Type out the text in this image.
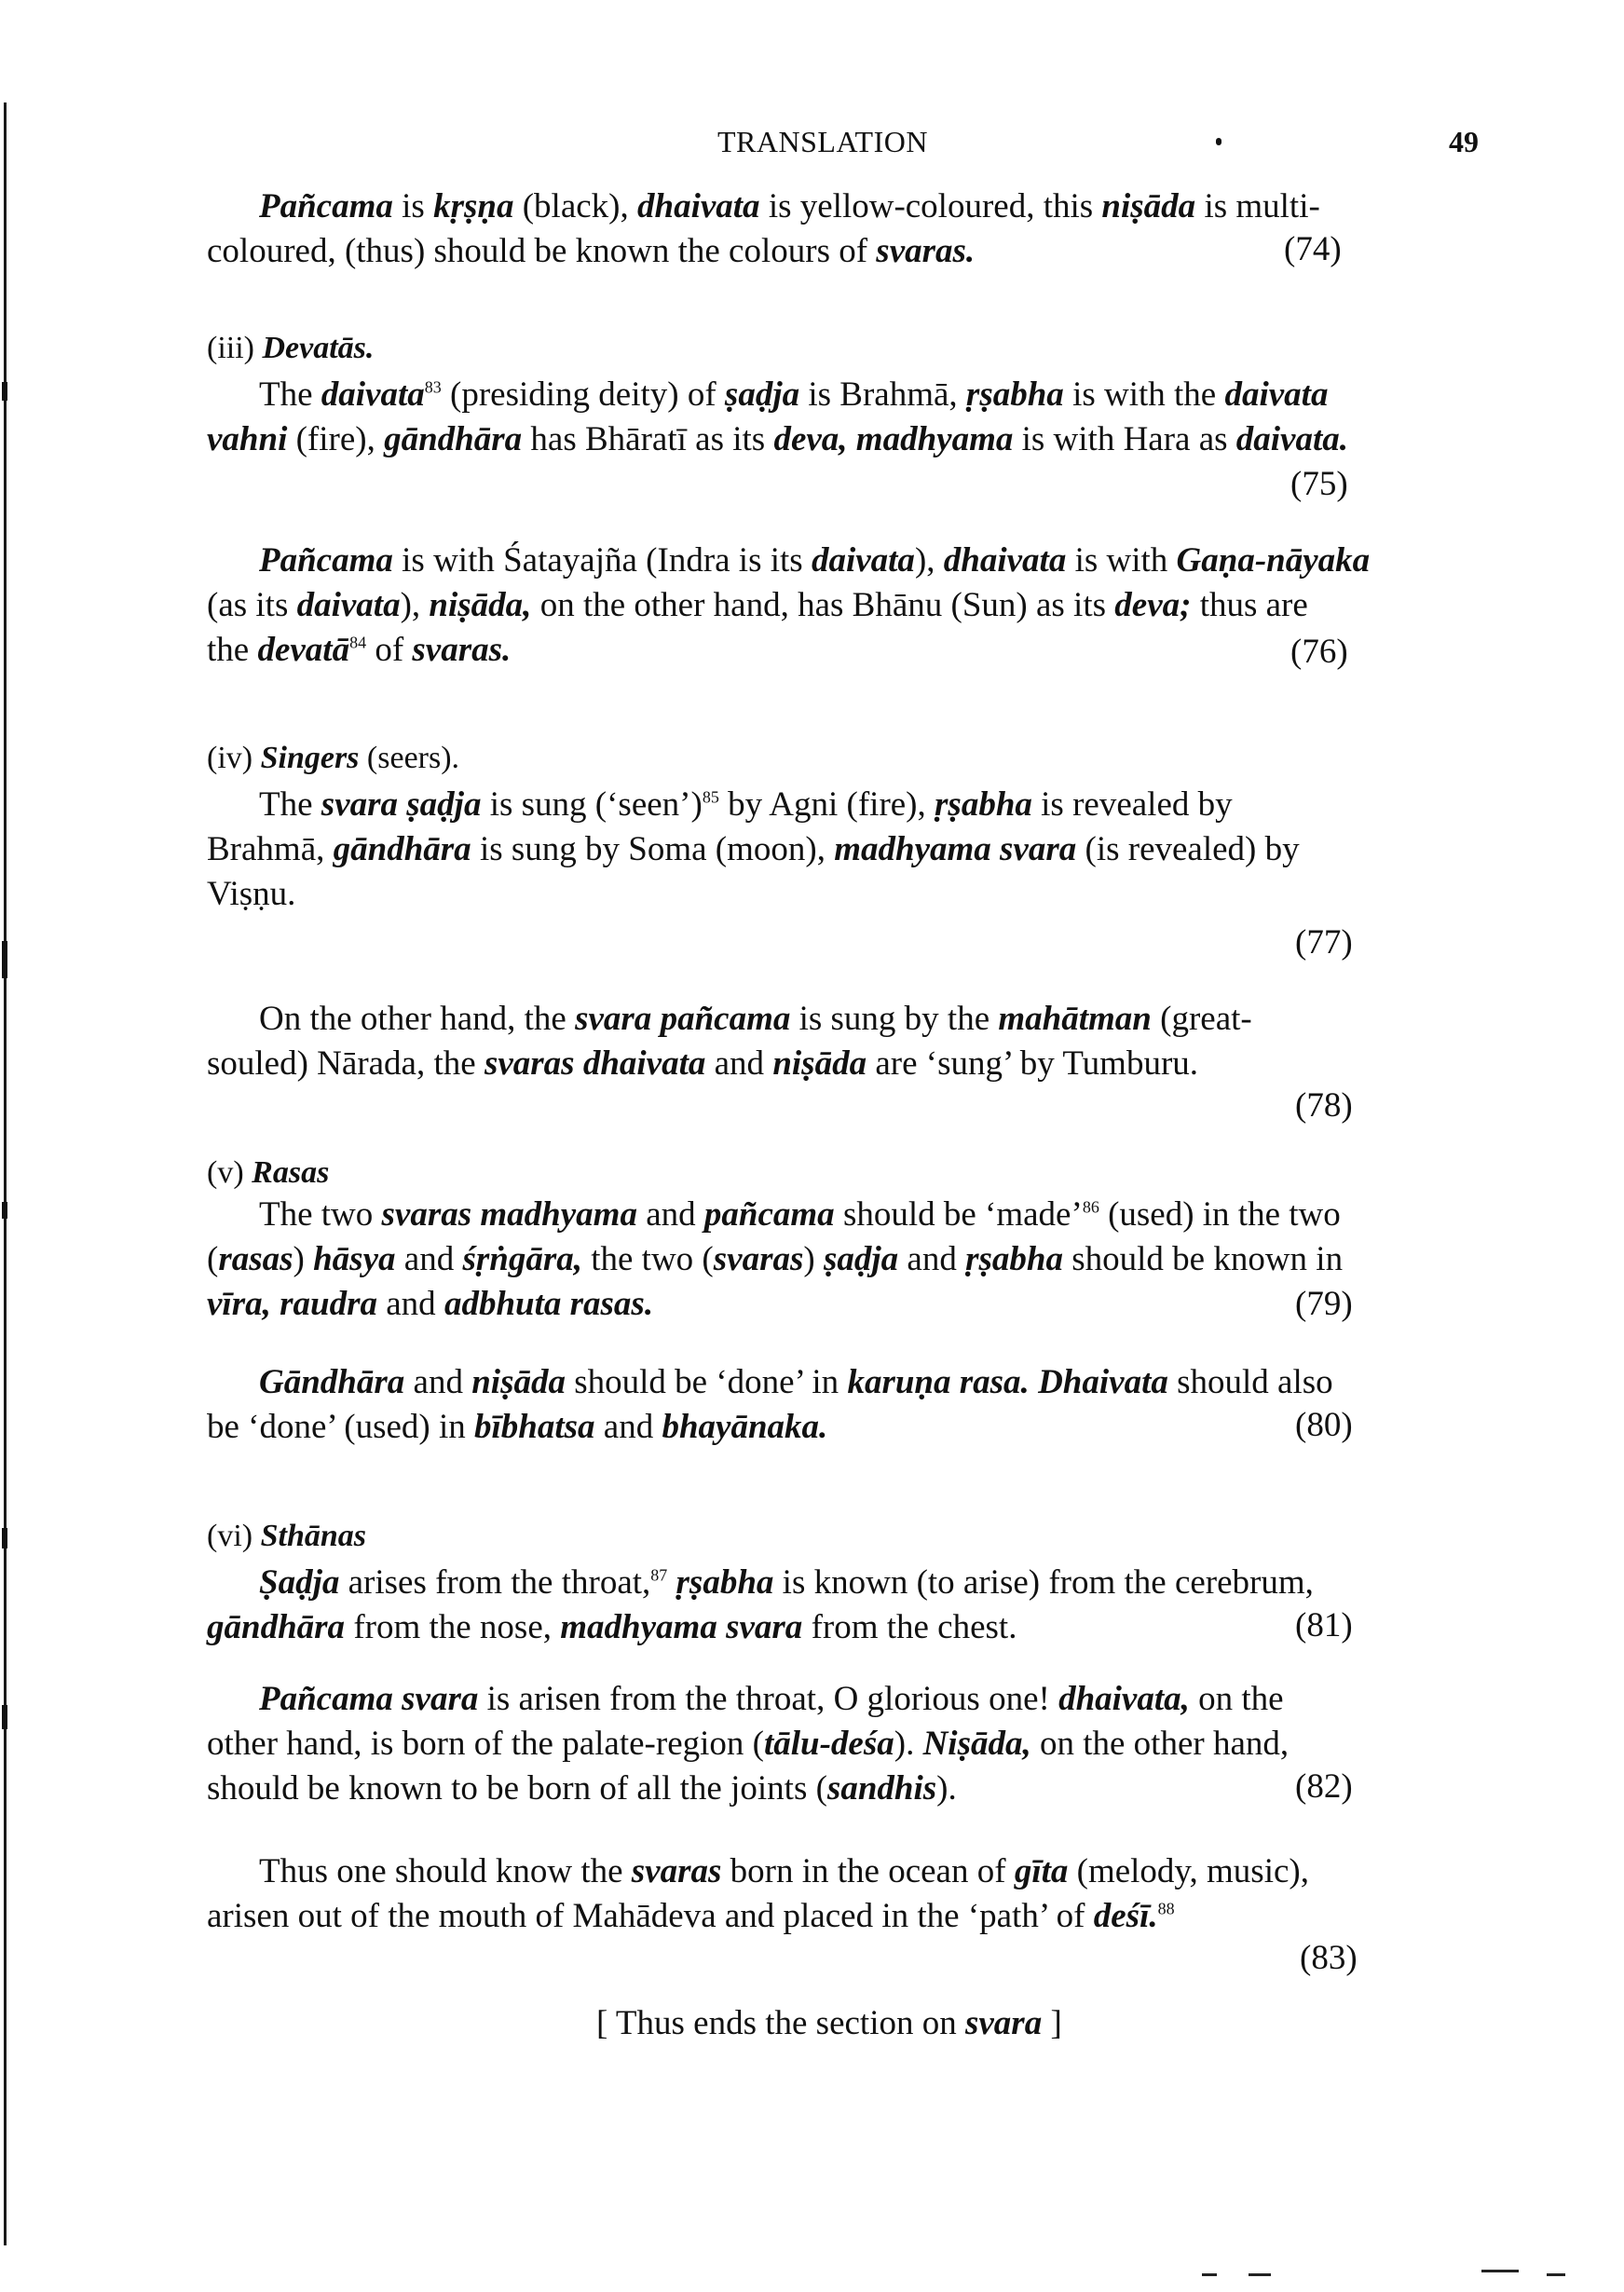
TRANSLATION	49
Pañcama is kṛṣṇa (black), dhaivata is yellow-coloured, this niṣāda is multi-
coloured, (thus) should be known the colours of svaras.	(74)
(iii) Devatās.
The daivata$^{83}$ (presiding deity) of ṣaḍja is Brahmā, ṛṣabha is with the daivata
vahni (fire), gāndhāra has Bhāratī as its deva, madhyama is with Hara as daivata.
(75)
Pañcama is with Śatayajña (Indra is its daivata), dhaivata is with Gaṇa-nāyaka
(as its daivata), niṣāda, on the other hand, has Bhānu (Sun) as its deva; thus are
the devatā$^{84}$ of svaras.	(76)
(iv) Singers (seers).
The svara ṣaḍja is sung (‘seen’)$^{85}$ by Agni (fire), ṛṣabha is revealed by
Brahmā, gāndhāra is sung by Soma (moon), madhyama svara (is revealed) by
Viṣṇu.
(77)
On the other hand, the svara pañcama is sung by the mahātman (great-
souled) Nārada, the svaras dhaivata and niṣāda are ‘sung’ by Tumburu.
(78)
(v) Rasas
The two svaras madhyama and pañcama should be ‘made’$^{86}$ (used) in the two
(rasas) hāsya and śṛṅgāra, the two (svaras) ṣaḍja and ṛṣabha should be known in
vīra, raudra and adbhuta rasas.	(79)
Gāndhāra and niṣāda should be ‘done’ in karuṇa rasa. Dhaivata should also
be ‘done’ (used) in bībhatsa and bhayānaka.	(80)
(vi) Sthānas
Ṣaḍja arises from the throat,$^{87}$ ṛṣabha is known (to arise) from the cerebrum,
gāndhāra from the nose, madhyama svara from the chest.	(81)
Pañcama svara is arisen from the throat, O glorious one! dhaivata, on the
other hand, is born of the palate-region (tālu-deśa). Niṣāda, on the other hand,
should be known to be born of all the joints (sandhis).	(82)
Thus one should know the svaras born in the ocean of gīta (melody, music),
arisen out of the mouth of Mahādeva and placed in the ‘path’ of deśī.$^{88}$
(83)
[ Thus ends the section on svara ]
